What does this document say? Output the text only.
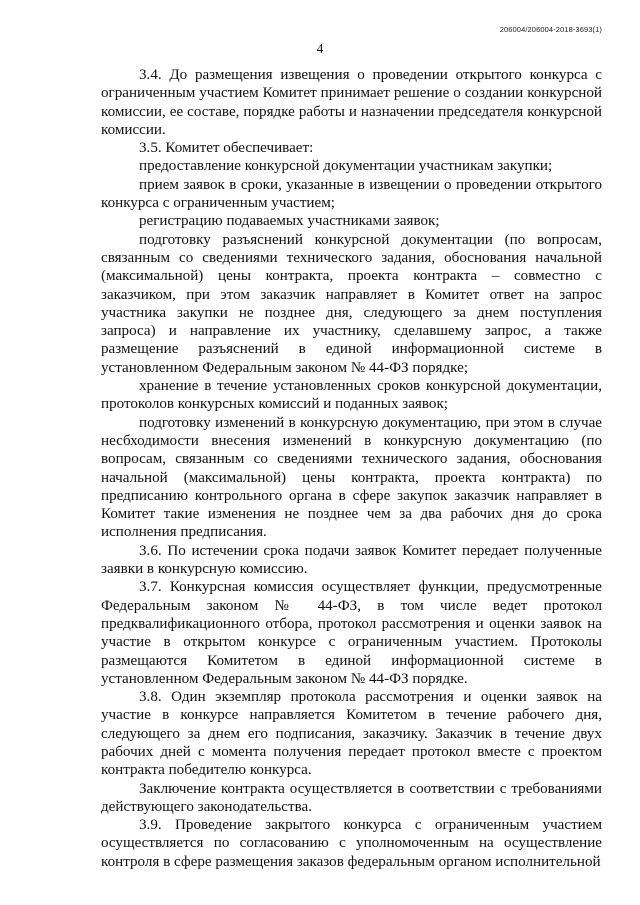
206004/206004-2018-3693(1)
4

3.4. До размещения извещения о проведении открытого конкурса с ограниченным участием Комитет принимает решение о создании конкурсной комиссии, ее составе, порядке работы и назначении председателя конкурсной комиссии.

3.5. Комитет обеспечивает:

предоставление конкурсной документации участникам закупки;

прием заявок в сроки, указанные в извещении о проведении открытого конкурса с ограниченным участием;

регистрацию подаваемых участниками заявок;

подготовку разъяснений конкурсной документации (по вопросам, связанным со сведениями технического задания, обоснования начальной (максимальной) цены контракта, проекта контракта – совместно с заказчиком, при этом заказчик направляет в Комитет ответ на запрос участника закупки не позднее дня, следующего за днем поступления запроса) и направление их участнику, сделавшему запрос, а также размещение разъяснений в единой информационной системе в установленном Федеральным законом № 44-ФЗ порядке;

хранение в течение установленных сроков конкурсной документации, протоколов конкурсных комиссий и поданных заявок;

подготовку изменений в конкурсную документацию, при этом в случае несбходимости внесения изменений в конкурсную документацию (по вопросам, связанным со сведениями технического задания, обоснования начальной (максимальной) цены контракта, проекта контракта) по предписанию контрольного органа в сфере закупок заказчик направляет в Комитет такие изменения не позднее чем за два рабочих дня до срока исполнения предписания.

3.6. По истечении срока подачи заявок Комитет передает полученные заявки в конкурсную комиссию.

3.7. Конкурсная комиссия осуществляет функции, предусмотренные Федеральным законом № 44-ФЗ, в том числе ведет протокол предквалификационного отбора, протокол рассмотрения и оценки заявок на участие в открытом конкурсе с ограниченным участием. Протоколы размещаются Комитетом в единой информационной системе в установленном Федеральным законом № 44-ФЗ порядке.

3.8. Один экземпляр протокола рассмотрения и оценки заявок на участие в конкурсе направляется Комитетом в течение рабочего дня, следующего за днем его подписания, заказчику. Заказчик в течение двух рабочих дней с момента получения передает протокол вместе с проектом контракта победителю конкурса.

Заключение контракта осуществляется в соответствии с требованиями действующего законодательства.

3.9. Проведение закрытого конкурса с ограниченным участием осуществляется по согласованию с уполномоченным на осуществление контроля в сфере размещения заказов федеральным органом исполнительной
